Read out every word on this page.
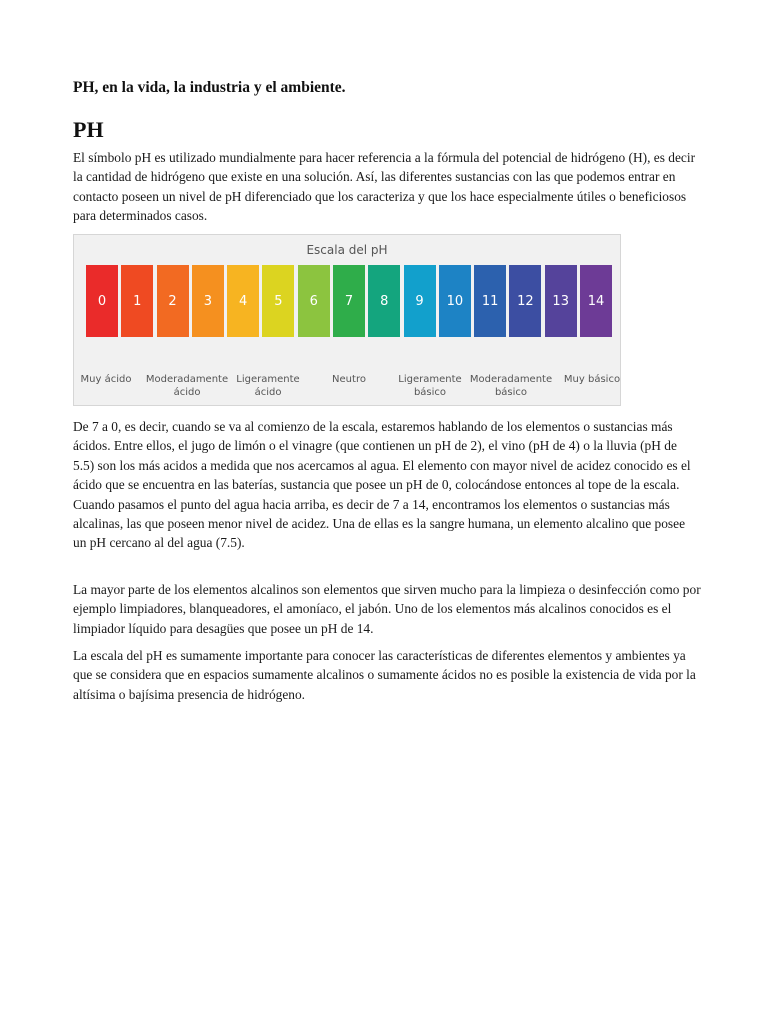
PH, en la vida, la industria y el ambiente.
PH

El símbolo pH es utilizado mundialmente para hacer referencia a la fórmula del potencial de hidrógeno (H), es decir la cantidad de hidrógeno que existe en una solución. Así, las diferentes sustancias con las que podemos entrar en contacto poseen un nivel de pH diferenciado que los caracteriza y que los hace especialmente útiles o beneficiosos para determinados casos.

Escala del pH
0	1	2	3	4	5	6	7	8	9	10	11	12	13	14
Muy ácido	Moderadamente
ácido
Ligeramente
ácido
Neutro	Ligeramente
básico
Moderadamente
básico
Muy básico

De 7 a 0, es decir, cuando se va al comienzo de la escala, estaremos hablando de los elementos o sustancias más ácidos. Entre ellos, el jugo de limón o el vinagre (que contienen un pH de 2), el vino (pH de 4) o la lluvia (pH de 5.5) son los más acidos a medida que nos acercamos al agua. El elemento con mayor nivel de acidez conocido es el ácido que se encuentra en las baterías, sustancia que posee un pH de 0, colocándose entonces al tope de la escala. Cuando pasamos el punto del agua hacia arriba, es decir de 7 a 14, encontramos los elementos o sustancias más alcalinas, las que poseen menor nivel de acidez. Una de ellas es la sangre humana, un elemento alcalino que posee un pH cercano al del agua (7.5).

La mayor parte de los elementos alcalinos son elementos que sirven mucho para la limpieza o desinfección como por ejemplo limpiadores, blanqueadores, el amoníaco, el jabón. Uno de los elementos más alcalinos conocidos es el limpiador líquido para desagües que posee un pH de 14.

La escala del pH es sumamente importante para conocer las características de diferentes elementos y ambientes ya que se considera que en espacios sumamente alcalinos o sumamente ácidos no es posible la existencia de vida por la altísima o bajísima presencia de hidrógeno.
